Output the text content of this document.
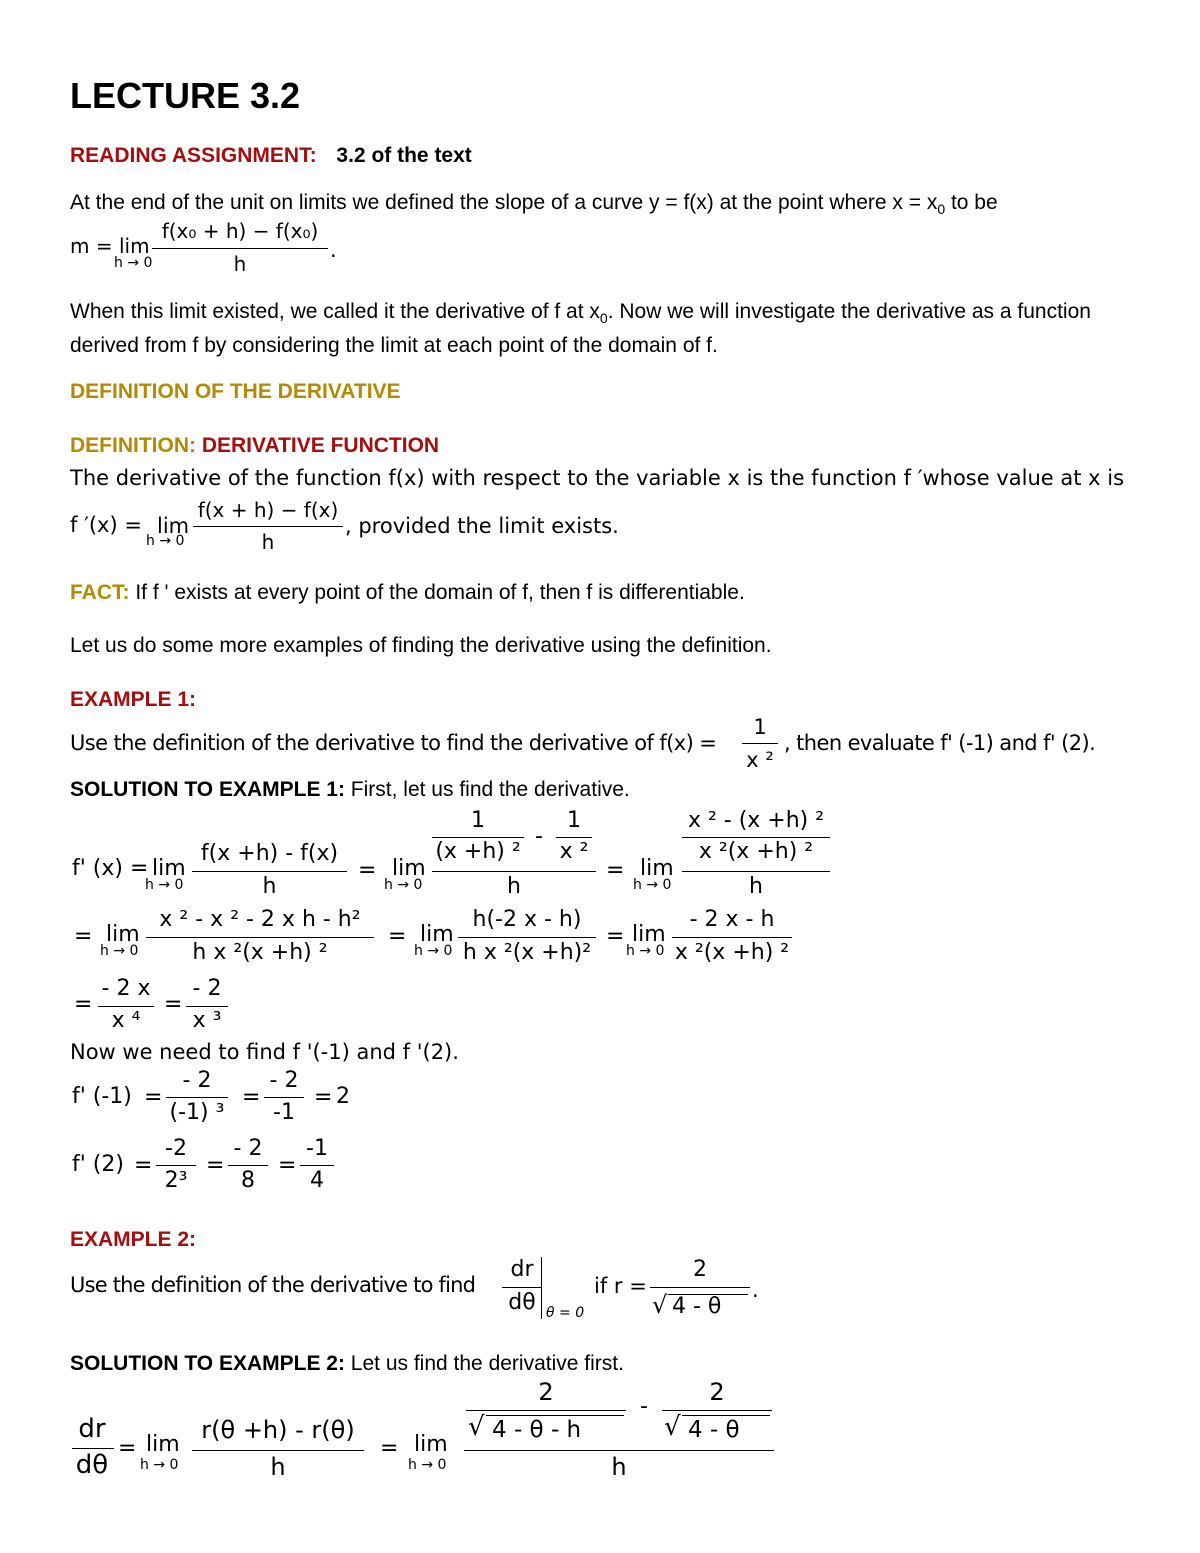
LECTURE 3.2
READING ASSIGNMENT: 3.2 of the text
At the end of the unit on limits we defined the slope of a curve y = f(x) at the point where $x = x_0$ to be
m = lim
h → 0
f(x₀ + h) − f(x₀)
h
.
When this limit existed, we called it the derivative of f at $x_0$. Now we will investigate the derivative as a function derived from f by considering the limit at each point of the domain of f.
DEFINITION OF THE DERIVATIVE
DEFINITION: DERIVATIVE FUNCTION
The derivative of the function f(x) with respect to the variable x is the function f ′whose value at x is
f ′(x) = lim
h → 0
f(x + h) − f(x)
h
, provided the limit exists.
FACT: If f ' exists at every point of the domain of f, then f is differentiable.
Let us do some more examples of finding the derivative using the definition.
EXAMPLE 1:
Use the definition of the derivative to find the derivative of f(x) =
1
x ²
, then evaluate f' (-1) and f' (2).
SOLUTION TO EXAMPLE 1: First, let us find the derivative.
f' (x) = lim
h → 0
f(x +h) - f(x)
h
= lim
h → 0
1
(x +h) ²
-
1
x ²
h
= lim
h → 0
x ² - (x +h) ²
x ²(x +h) ²
h
= lim
h → 0
x ² - x ² - 2 x h - h²
h x ²(x +h) ²
= lim
h → 0
h(-2 x - h)
h x ²(x +h)²
= lim
h → 0
- 2 x - h
x ²(x +h) ²
=
- 2 x
x ⁴
=
- 2
x ³
Now we need to find f '(-1) and f '(2).
f' (-1) =
- 2
(-1) ³
=
- 2
-1
= 2
f' (2) =
-2
2³
=
- 2
8
=
-1
4
EXAMPLE 2:
Use the definition of the derivative to find
dr
dθ θ = 0
if r =
2
√ 4 - θ
.
SOLUTION TO EXAMPLE 2: Let us find the derivative first.
dr
dθ
= lim
h → 0
r(θ +h) - r(θ)
h
= lim
h → 0
2
√ 4 - θ - h
-
2
√ 4 - θ
h
